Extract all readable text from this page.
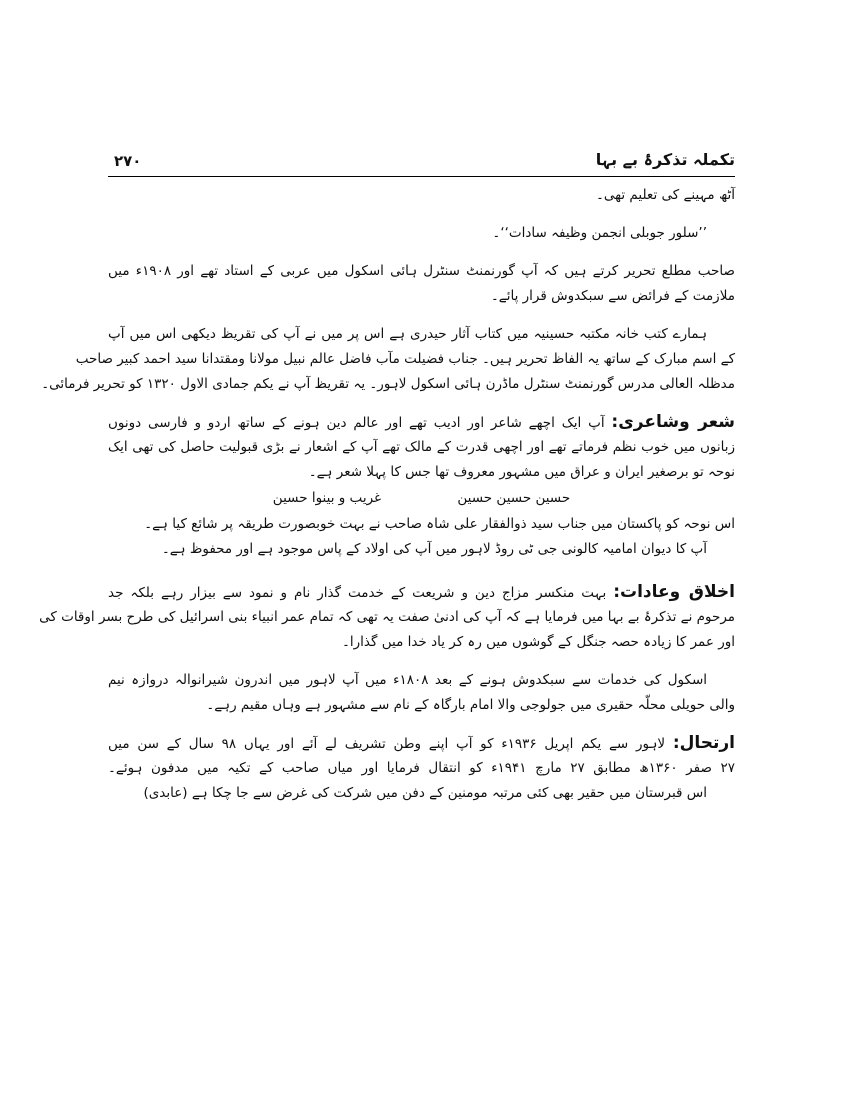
۲۷۰	تکملہ تذکرۂ بے بہا
آٹھ مہینے کی تعلیم تھی۔
’’سلور جوبلی انجمن وظیفہ سادات‘‘۔
صاحب مطلع تحریر کرتے ہیں کہ آپ گورنمنٹ سنٹرل ہائی اسکول میں عربی کے استاد تھے اور ۱۹۰۸ء میں
ملازمت کے فرائض سے سبکدوش قرار پائے۔
ہمارے کتب خانہ مکتبہ حسینیہ میں کتاب آثار حیدری ہے اس پر میں نے آپ کی تقریظ دیکھی اس میں آپ
کے اسم مبارک کے ساتھ یہ الفاظ تحریر ہیں۔ جناب فضیلت مآب فاضل عالم نبیل مولانا ومقتدانا سید احمد کبیر صاحب
مدظلہ العالی مدرس گورنمنٹ سنٹرل ماڈرن ہائی اسکول لاہور۔ یہ تقریظ آپ نے یکم جمادی الاول ۱۳۲۰ کو تحریر فرمائی۔
شعر وشاعری: آپ ایک اچھے شاعر اور ادیب تھے اور عالم دین ہونے کے ساتھ اردو و فارسی دونوں
زبانوں میں خوب نظم فرماتے تھے اور اچھی قدرت کے مالک تھے آپ کے اشعار نے بڑی قبولیت حاصل کی تھی ایک
نوحہ تو برصغیر ایران و عراق میں مشہور معروف تھا جس کا پہلا شعر ہے۔
حسین حسین حسین غریب و بینوا حسین
اس نوحہ کو پاکستان میں جناب سید ذوالفقار علی شاہ صاحب نے بہت خوبصورت طریقہ پر شائع کیا ہے۔
آپ کا دیوان امامیہ کالونی جی ٹی روڈ لاہور میں آپ کی اولاد کے پاس موجود ہے اور محفوظ ہے۔
اخلاق وعادات: بہت منکسر مزاج دین و شریعت کے خدمت گذار نام و نمود سے بیزار رہے بلکہ جد
مرحوم نے تذکرۂ بے بہا میں فرمایا ہے کہ آپ کی ادنیٰ صفت یہ تھی کہ تمام عمر انبیاء بنی اسرائیل کی طرح بسر اوقات کی
اور عمر کا زیادہ حصہ جنگل کے گوشوں میں رہ کر یاد خدا میں گذارا۔
اسکول کی خدمات سے سبکدوش ہونے کے بعد ۱۸۰۸ء میں آپ لاہور میں اندرون شیرانوالہ دروازہ نیم
والی حویلی محلّہ حقیری میں جولوجی والا امام بارگاہ کے نام سے مشہور ہے وہاں مقیم رہے۔
ارتحال: لاہور سے یکم اپریل ۱۹۳۶ء کو آپ اپنے وطن تشریف لے آئے اور یہاں ۹۸ سال کے سن میں
۲۷ صفر ۱۳۶۰ھ مطابق ۲۷ مارچ ۱۹۴۱ء کو انتقال فرمایا اور میاں صاحب کے تکیہ میں مدفون ہوئے۔
اس قبرستان میں حقیر بھی کئی مرتبہ مومنین کے دفن میں شرکت کی غرض سے جا چکا ہے (عابدی)
